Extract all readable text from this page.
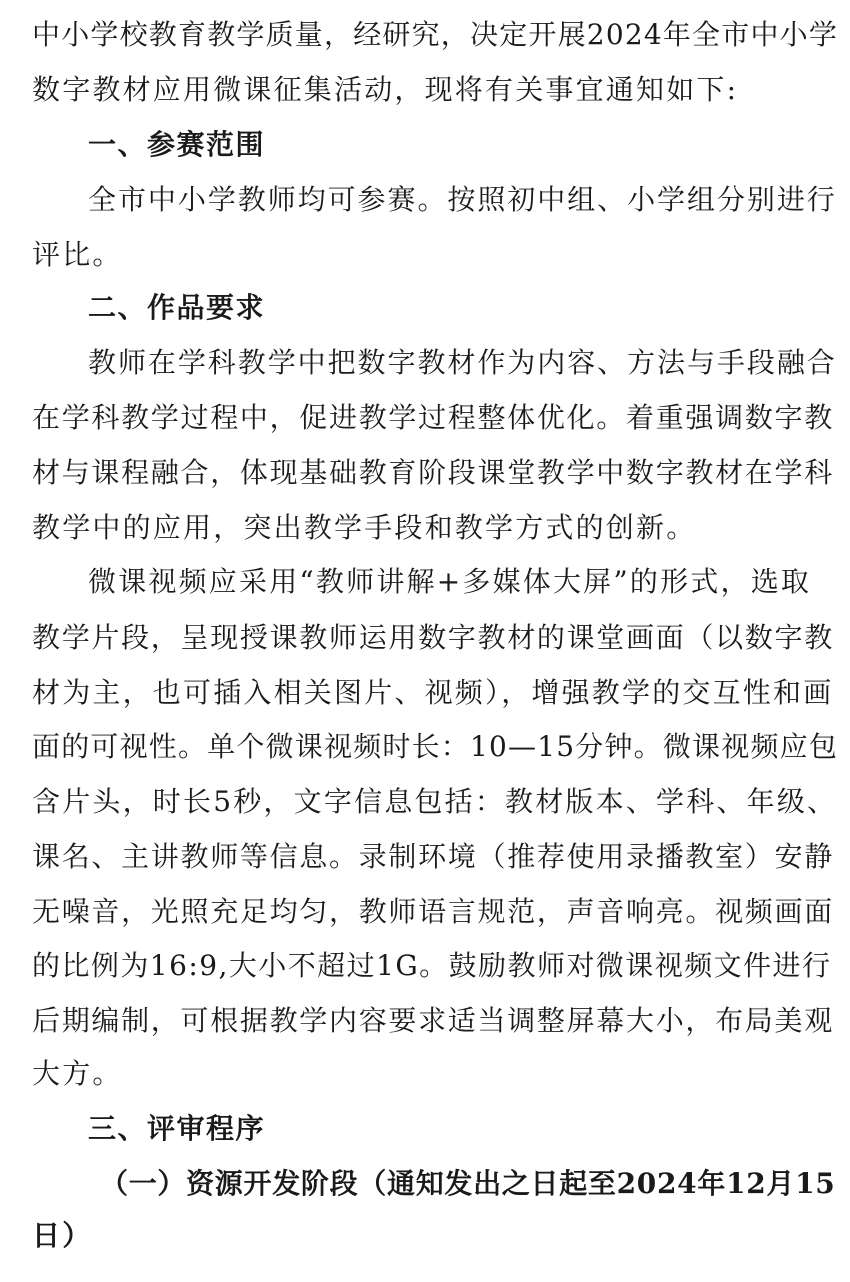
中小学校教育教学质量，经研究，决定开展2024年全市中小学
数字教材应用微课征集活动，现将有关事宜通知如下:
一、参赛范围
全市中小学教师均可参赛。按照初中组、小学组分别进行
评比。
二、作品要求
教师在学科教学中把数字教材作为内容、方法与手段融合
在学科教学过程中，促进教学过程整体优化。着重强调数字教
材与课程融合，体现基础教育阶段课堂教学中数字教材在学科
教学中的应用，突出教学手段和教学方式的创新。
微课视频应采用“教师讲解+多媒体大屏”的形式，选取
教学片段，呈现授课教师运用数字教材的课堂画面（以数字教
材为主，也可插入相关图片、视频），增强教学的交互性和画
面的可视性。单个微课视频时长：10—15分钟。微课视频应包
含片头，时长5秒，文字信息包括：教材版本、学科、年级、
课名、主讲教师等信息。录制环境（推荐使用录播教室）安静
无噪音，光照充足均匀，教师语言规范，声音响亮。视频画面
的比例为16:9,大小不超过1G。鼓励教师对微课视频文件进行
后期编制，可根据教学内容要求适当调整屏幕大小，布局美观
大方。
三、评审程序
（一）资源开发阶段（通知发出之日起至2024年12月15
日）
